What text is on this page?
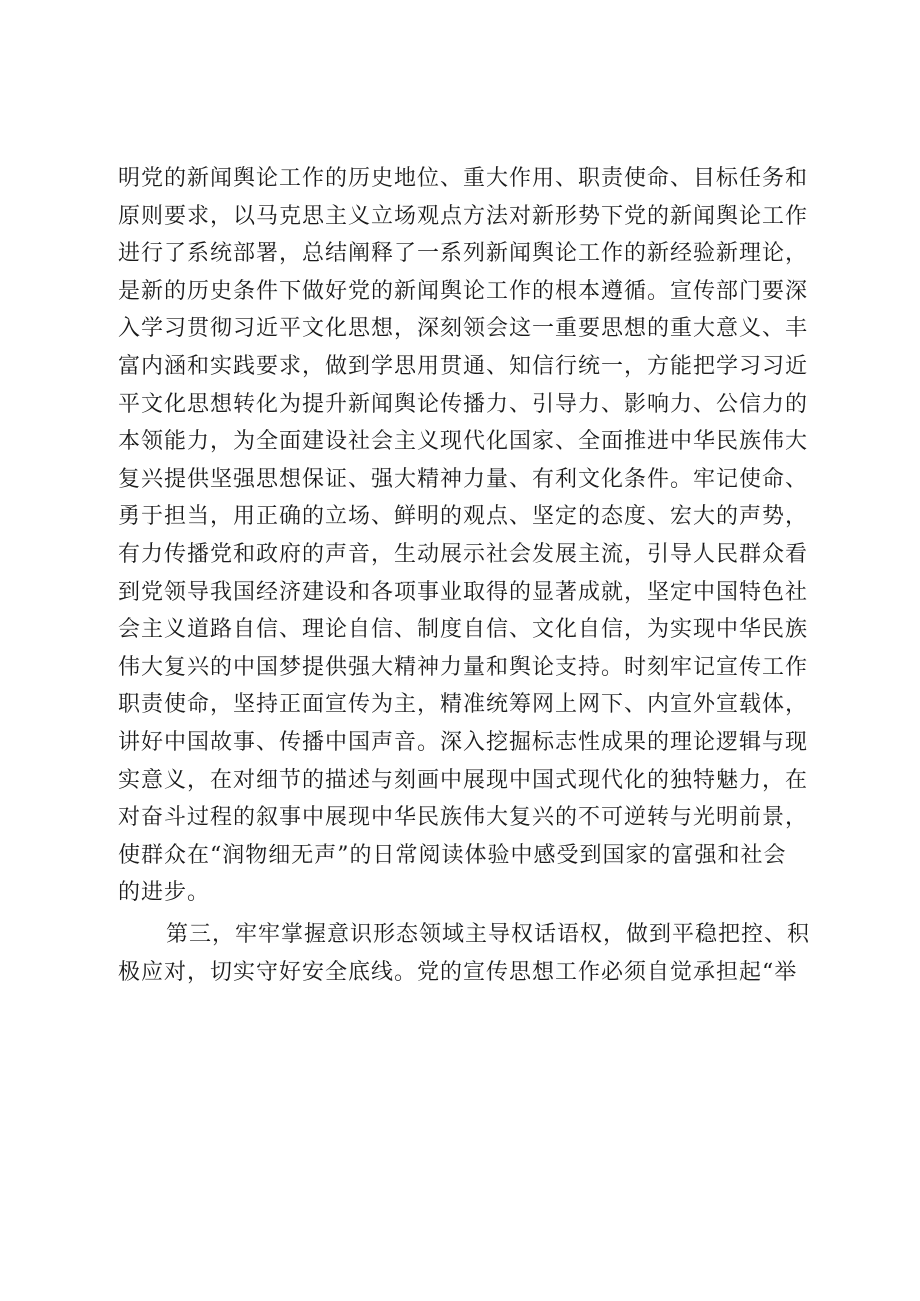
明党的新闻舆论工作的历史地位、重大作用、职责使命、目标任务和
原则要求，以马克思主义立场观点方法对新形势下党的新闻舆论工作
进行了系统部署，总结阐释了一系列新闻舆论工作的新经验新理论，
是新的历史条件下做好党的新闻舆论工作的根本遵循。宣传部门要深
入学习贯彻习近平文化思想，深刻领会这一重要思想的重大意义、丰
富内涵和实践要求，做到学思用贯通、知信行统一，方能把学习习近
平文化思想转化为提升新闻舆论传播力、引导力、影响力、公信力的
本领能力，为全面建设社会主义现代化国家、全面推进中华民族伟大
复兴提供坚强思想保证、强大精神力量、有利文化条件。牢记使命、
勇于担当，用正确的立场、鲜明的观点、坚定的态度、宏大的声势，
有力传播党和政府的声音，生动展示社会发展主流，引导人民群众看
到党领导我国经济建设和各项事业取得的显著成就，坚定中国特色社
会主义道路自信、理论自信、制度自信、文化自信，为实现中华民族
伟大复兴的中国梦提供强大精神力量和舆论支持。时刻牢记宣传工作
职责使命，坚持正面宣传为主，精准统筹网上网下、内宣外宣载体，
讲好中国故事、传播中国声音。深入挖掘标志性成果的理论逻辑与现
实意义，在对细节的描述与刻画中展现中国式现代化的独特魅力，在
对奋斗过程的叙事中展现中华民族伟大复兴的不可逆转与光明前景，
使群众在“润物细无声”的日常阅读体验中感受到国家的富强和社会
的进步。
第三，牢牢掌握意识形态领域主导权话语权，做到平稳把控、积
极应对，切实守好安全底线。党的宣传思想工作必须自觉承担起“举
